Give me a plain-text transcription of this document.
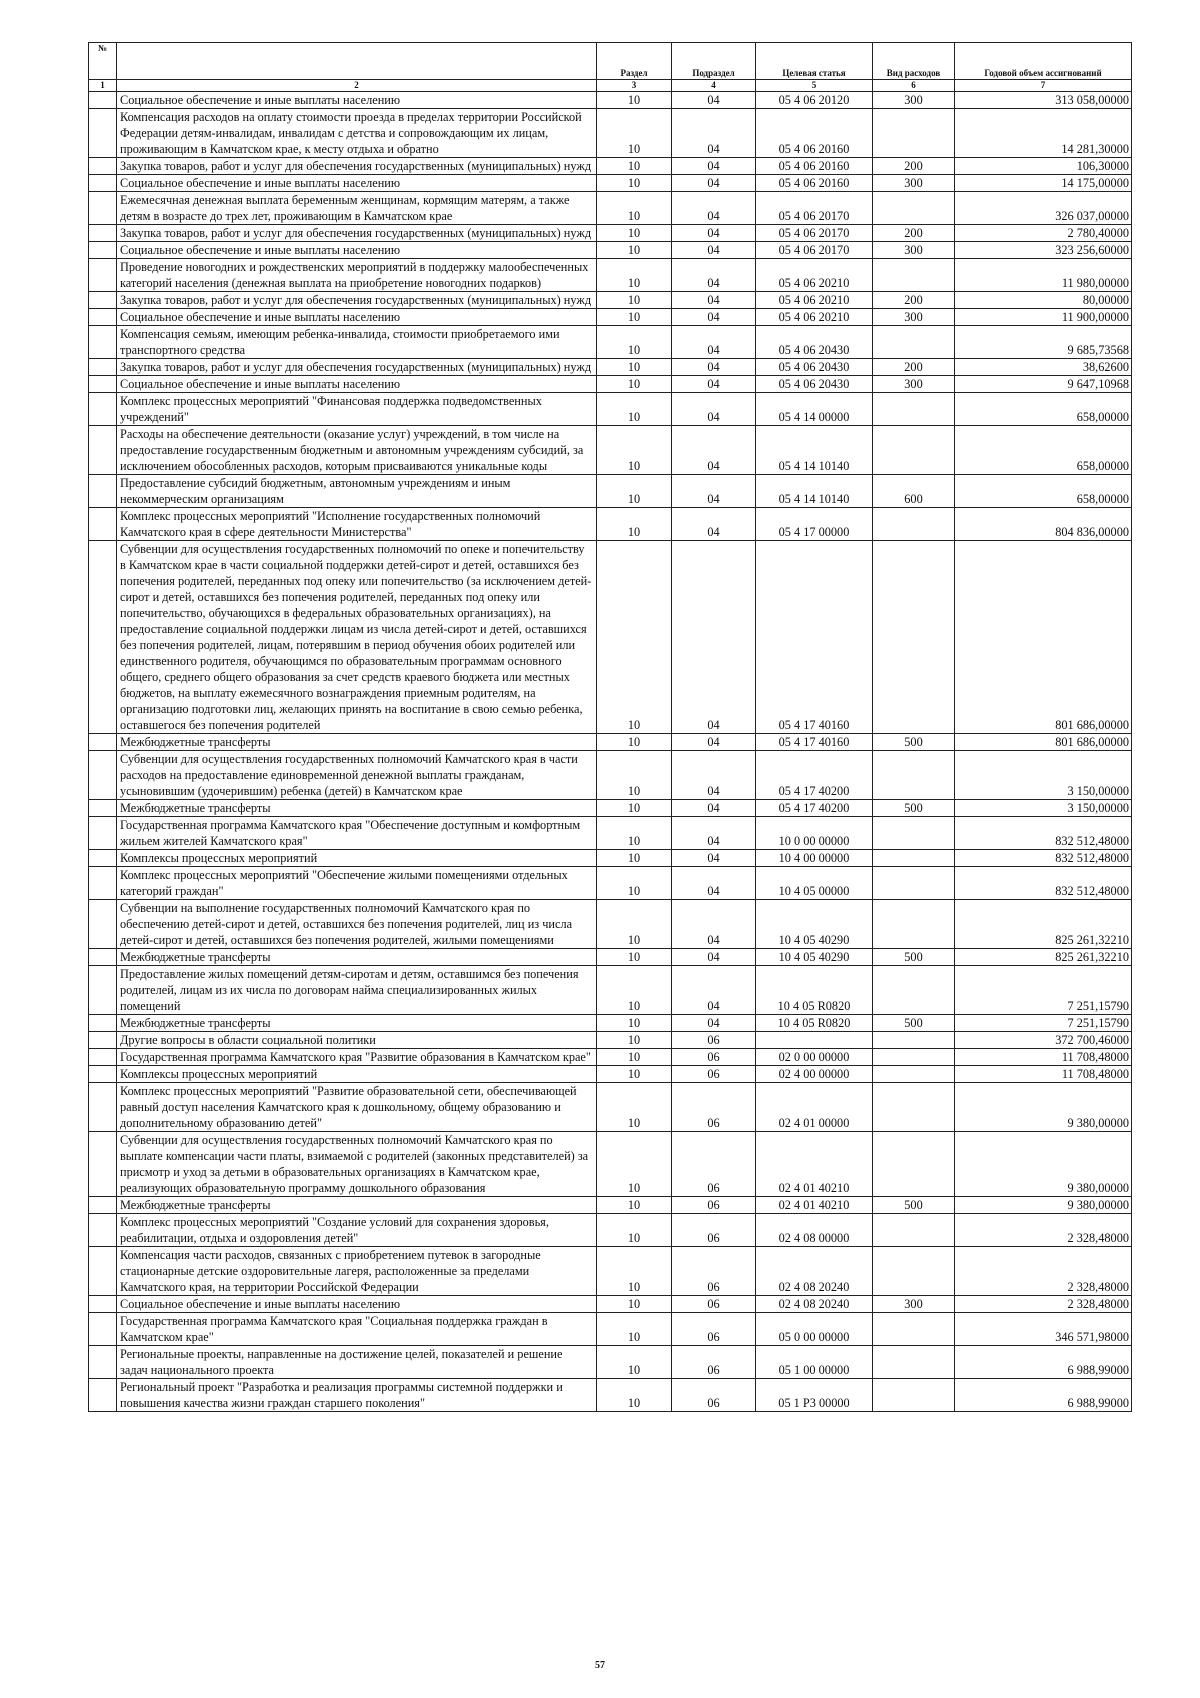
№		Раздел	Подраздел	Целевая статья	Вид расходов	Годовой объем ассигнований
1	2	3	4	5	6	7
	Социальное обеспечение и иные выплаты населению	10	04	05 4 06 20120	300	313 058,00000
	Компенсация расходов на оплату стоимости проезда в пределах территории Российской Федерации детям-инвалидам, инвалидам с детства и сопровождающим их лицам, проживающим в Камчатском крае, к месту отдыха и обратно	10	04	05 4 06 20160		14 281,30000
	Закупка товаров, работ и услуг для обеспечения государственных (муниципальных) нужд	10	04	05 4 06 20160	200	106,30000
	Социальное обеспечение и иные выплаты населению	10	04	05 4 06 20160	300	14 175,00000
	Ежемесячная денежная выплата беременным женщинам, кормящим матерям, а также детям в возрасте до трех лет, проживающим в Камчатском крае	10	04	05 4 06 20170		326 037,00000
	Закупка товаров, работ и услуг для обеспечения государственных (муниципальных) нужд	10	04	05 4 06 20170	200	2 780,40000
	Социальное обеспечение и иные выплаты населению	10	04	05 4 06 20170	300	323 256,60000
	Проведение новогодних и рождественских мероприятий в поддержку малообеспеченных категорий населения (денежная выплата на приобретение новогодних подарков)	10	04	05 4 06 20210		11 980,00000
	Закупка товаров, работ и услуг для обеспечения государственных (муниципальных) нужд	10	04	05 4 06 20210	200	80,00000
	Социальное обеспечение и иные выплаты населению	10	04	05 4 06 20210	300	11 900,00000
	Компенсация семьям, имеющим ребенка-инвалида, стоимости приобретаемого ими транспортного средства	10	04	05 4 06 20430		9 685,73568
	Закупка товаров, работ и услуг для обеспечения государственных (муниципальных) нужд	10	04	05 4 06 20430	200	38,62600
	Социальное обеспечение и иные выплаты населению	10	04	05 4 06 20430	300	9 647,10968
	Комплекс процессных мероприятий "Финансовая поддержка подведомственных учреждений"	10	04	05 4 14 00000		658,00000
	Расходы на обеспечение деятельности (оказание услуг) учреждений, в том числе на предоставление государственным бюджетным и автономным учреждениям субсидий, за исключением обособленных расходов, которым присваиваются уникальные коды	10	04	05 4 14 10140		658,00000
	Предоставление субсидий бюджетным, автономным учреждениям и иным некоммерческим организациям	10	04	05 4 14 10140	600	658,00000
	Комплекс процессных мероприятий "Исполнение государственных полномочий Камчатского края в сфере деятельности Министерства"	10	04	05 4 17 00000		804 836,00000
	Субвенции для осуществления государственных полномочий по опеке и попечительству в Камчатском крае в части социальной поддержки детей-сирот и детей, оставшихся без попечения родителей, переданных под опеку или попечительство (за исключением детей-сирот и детей, оставшихся без попечения родителей, переданных под опеку или попечительство, обучающихся в федеральных образовательных организациях), на предоставление социальной поддержки лицам из числа детей-сирот и детей, оставшихся без попечения родителей, лицам, потерявшим в период обучения обоих родителей или единственного родителя, обучающимся по образовательным программам основного общего, среднего общего образования за счет средств краевого бюджета или местных бюджетов, на выплату ежемесячного вознаграждения приемным родителям, на организацию подготовки лиц, желающих принять на воспитание в свою семью ребенка, оставшегося без попечения родителей	10	04	05 4 17 40160		801 686,00000
	Межбюджетные трансферты	10	04	05 4 17 40160	500	801 686,00000
	Субвенции для осуществления государственных полномочий Камчатского края в части расходов на предоставление единовременной денежной выплаты гражданам, усыновившим (удочерившим) ребенка (детей) в Камчатском крае	10	04	05 4 17 40200		3 150,00000
	Межбюджетные трансферты	10	04	05 4 17 40200	500	3 150,00000
	Государственная программа Камчатского края "Обеспечение доступным и комфортным жильем жителей Камчатского края"	10	04	10 0 00 00000		832 512,48000
	Комплексы процессных мероприятий	10	04	10 4 00 00000		832 512,48000
	Комплекс процессных мероприятий "Обеспечение жилыми помещениями отдельных категорий граждан"	10	04	10 4 05 00000		832 512,48000
	Субвенции на выполнение государственных полномочий Камчатского края по обеспечению детей-сирот и детей, оставшихся без попечения родителей, лиц из числа детей-сирот и детей, оставшихся без попечения родителей, жилыми помещениями	10	04	10 4 05 40290		825 261,32210
	Межбюджетные трансферты	10	04	10 4 05 40290	500	825 261,32210
	Предоставление жилых помещений детям-сиротам и детям, оставшимся без попечения родителей, лицам из их числа по договорам найма специализированных жилых помещений	10	04	10 4 05 R0820		7 251,15790
	Межбюджетные трансферты	10	04	10 4 05 R0820	500	7 251,15790
	Другие вопросы в области социальной политики	10	06			372 700,46000
	Государственная программа Камчатского края "Развитие образования в Камчатском крае"	10	06	02 0 00 00000		11 708,48000
	Комплексы процессных мероприятий	10	06	02 4 00 00000		11 708,48000
	Комплекс процессных мероприятий "Развитие образовательной сети, обеспечивающей равный доступ населения Камчатского края к дошкольному, общему образованию и дополнительному образованию детей"	10	06	02 4 01 00000		9 380,00000
	Субвенции для осуществления государственных полномочий Камчатского края по выплате компенсации части платы, взимаемой с родителей (законных представителей) за присмотр и уход за детьми в образовательных организациях в Камчатском крае, реализующих образовательную программу дошкольного образования	10	06	02 4 01 40210		9 380,00000
	Межбюджетные трансферты	10	06	02 4 01 40210	500	9 380,00000
	Комплекс процессных мероприятий "Создание условий для сохранения здоровья, реабилитации, отдыха и оздоровления детей"	10	06	02 4 08 00000		2 328,48000
	Компенсация части расходов, связанных с приобретением путевок в загородные стационарные детские оздоровительные лагеря, расположенные за пределами Камчатского края, на территории Российской Федерации	10	06	02 4 08 20240		2 328,48000
	Социальное обеспечение и иные выплаты населению	10	06	02 4 08 20240	300	2 328,48000
	Государственная программа Камчатского края "Социальная поддержка граждан в Камчатском крае"	10	06	05 0 00 00000		346 571,98000
	Региональные проекты, направленные на достижение целей, показателей и решение задач национального проекта	10	06	05 1 00 00000		6 988,99000
	Региональный проект "Разработка и реализация программы системной поддержки и повышения качества жизни граждан старшего поколения"	10	06	05 1 P3 00000		6 988,99000
57
